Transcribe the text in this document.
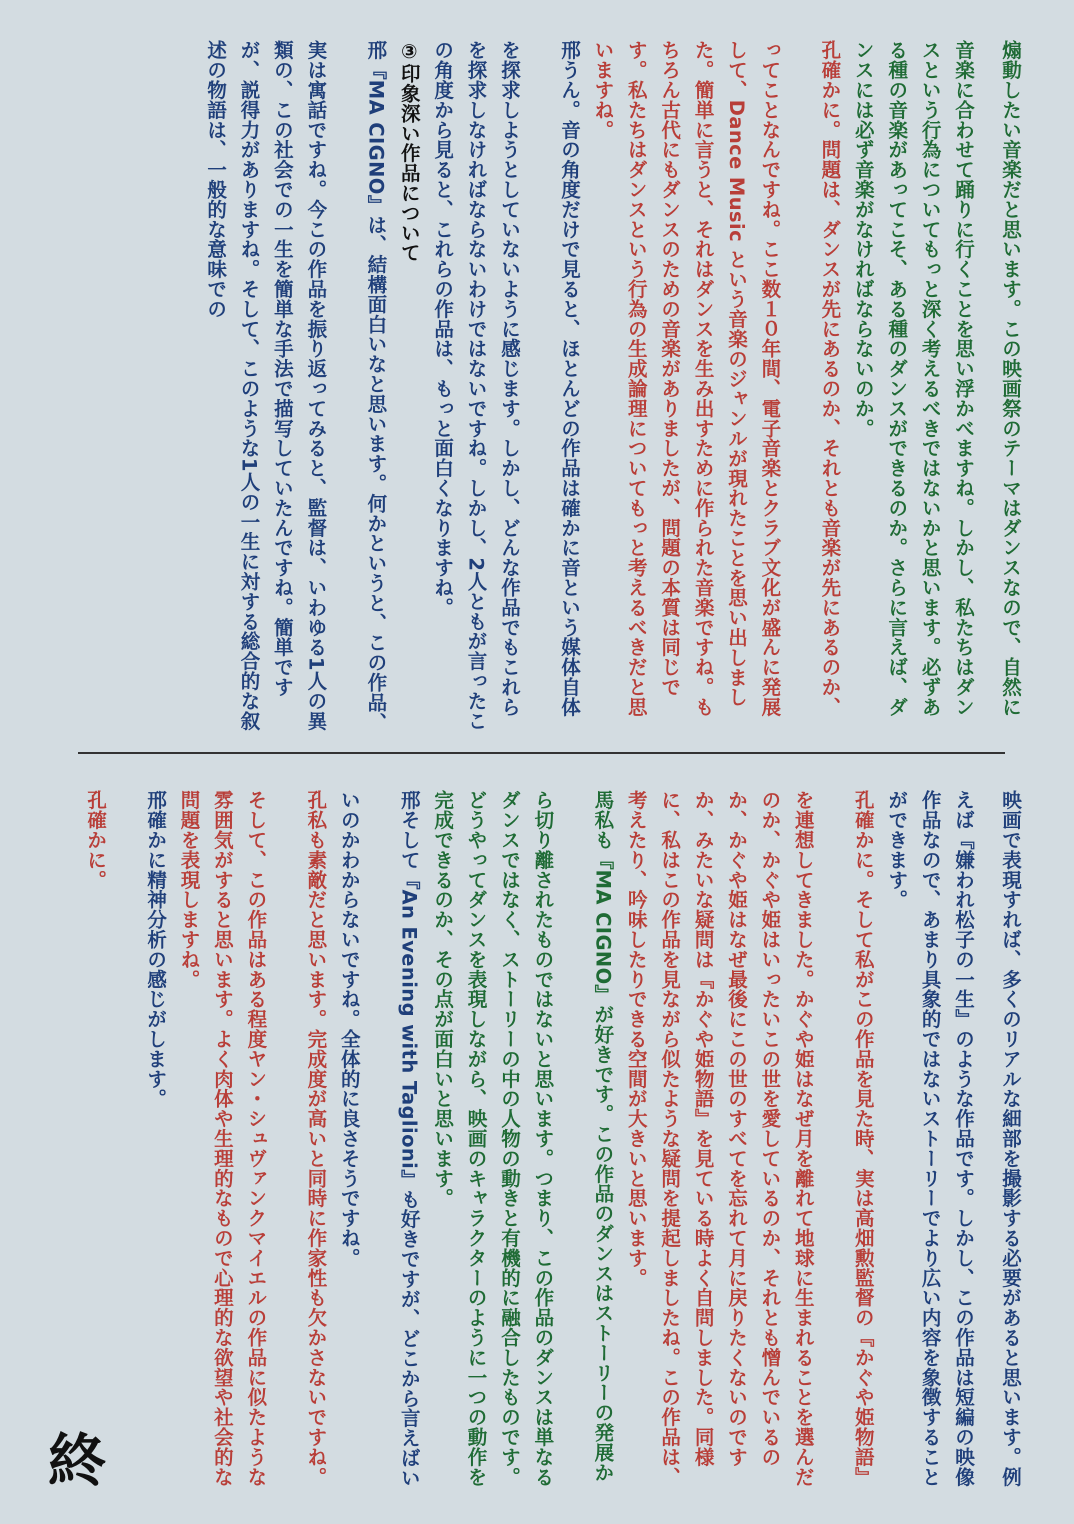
煽動したい音楽だと思います。この映画祭のテーマはダンスなので、自然に音楽に合わせて踊りに行くことを思い浮かべますね。しかし、私たちはダンスという行為についてもっと深く考えるべきではないかと思います。必ずある種の音楽があってこそ、ある種のダンスができるのか。さらに言えば、ダンスには必ず音楽がなければならないのか。
孔確かに。問題は、ダンスが先にあるのか、それとも音楽が先にあるのか、ってことなんですね。ここ数１０年間、電子音楽とクラブ文化が盛んに発展して、Dance Music という音楽のジャンルが現れたことを思い出しました。簡単に言うと、それはダンスを生み出すために作られた音楽ですね。もちろん古代にもダンスのための音楽がありましたが、問題の本質は同じです。私たちはダンスという行為の生成論理についてもっと考えるべきだと思いますね。
邢うん。音の角度だけで見ると、ほとんどの作品は確かに音という媒体自体を探求しようとしていないように感じます。しかし、どんな作品でもこれらを探求しなければならないわけではないですね。しかし、2人ともが言ったこの角度から見ると、これらの作品は、もっと面白くなりますね。
③印象深い作品について
邢『MA CIGNO』は、結構面白いなと思います。何かというと、この作品、実は寓話ですね。今この作品を振り返ってみると、監督は、いわゆる1人の異類の、この社会での一生を簡単な手法で描写していたんですね。簡単ですが、説得力がありますね。そして、このような1人の一生に対する総合的な叙述の物語は、一般的な意味での
映画で表現すれば、多くのリアルな細部を撮影する必要があると思います。例えば『嫌われ松子の一生』のような作品です。しかし、この作品は短編の映像作品なので、あまり具象的ではないストーリーでより広い内容を象徴することができます。
孔確かに。そして私がこの作品を見た時、実は高畑勲監督の『かぐや姫物語』を連想してきました。かぐや姫はなぜ月を離れて地球に生まれることを選んだのか、かぐや姫はいったいこの世を愛しているのか、それとも憎んでいるのか、かぐや姫はなぜ最後にこの世のすべてを忘れて月に戻りたくないのですか、みたいな疑問は『かぐや姫物語』を見ている時よく自問しました。同様に、私はこの作品を見ながら似たような疑問を提起しましたね。この作品は、考えたり、吟味したりできる空間が大きいと思います。
馬私も『MA CIGNO』が好きです。この作品のダンスはストーリーの発展から切り離されたものではないと思います。つまり、この作品のダンスは単なるダンスではなく、ストーリーの中の人物の動きと有機的に融合したものです。どうやってダンスを表現しながら、映画のキャラクターのように一つの動作を完成できるのか、その点が面白いと思います。
邢そして『An Evening with Taglioni』も好きですが、どこから言えばいいのかわからないですね。全体的に良さそうですね。
孔私も素敵だと思います。完成度が高いと同時に作家性も欠かさないですね。そして、この作品はある程度ヤン・シュヴァンクマイエルの作品に似たような雰囲気がすると思います。よく肉体や生理的なもので心理的な欲望や社会的な問題を表現しますね。
邢確かに精神分析の感じがします。
孔確かに。
終
